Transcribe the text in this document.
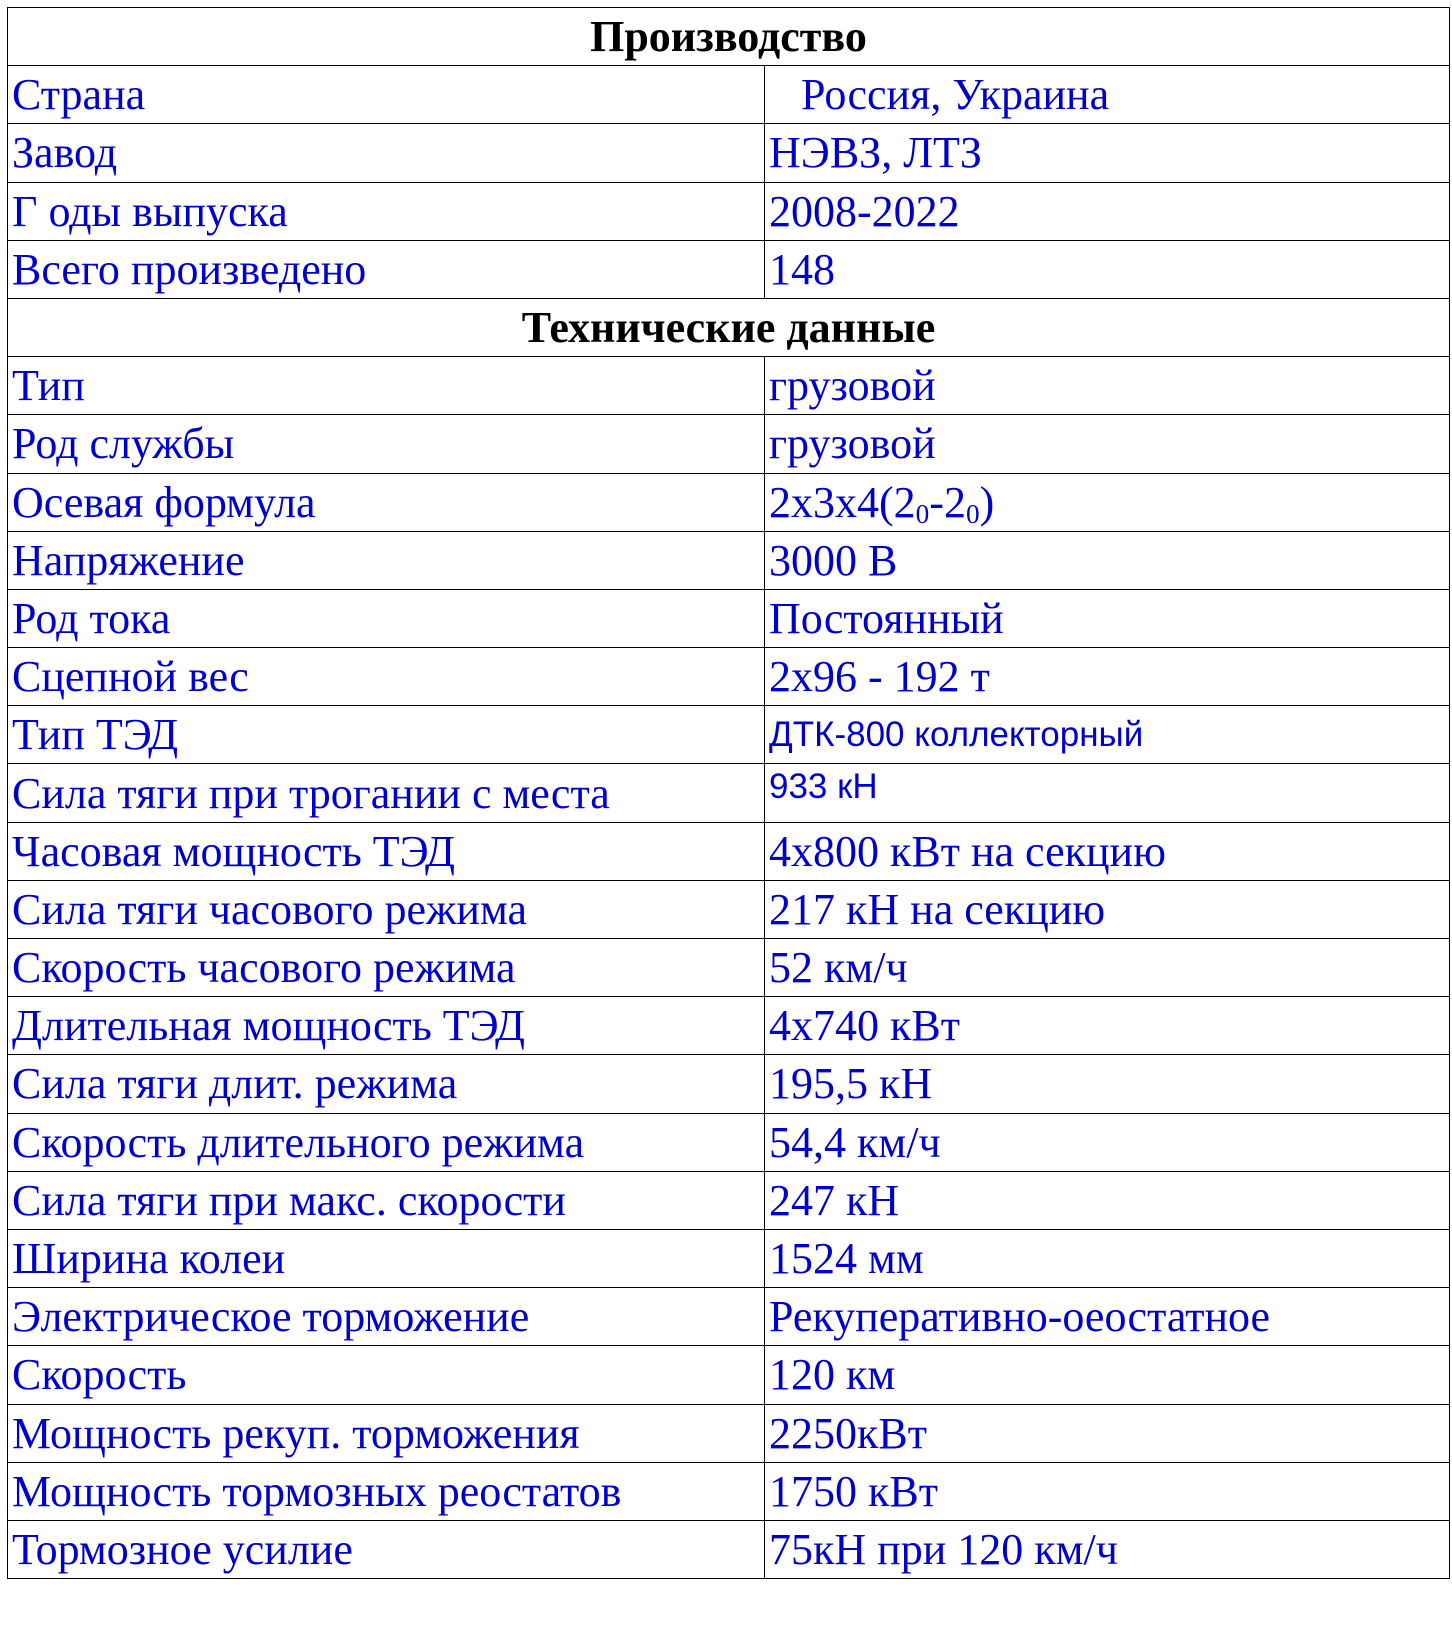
Производство	
Страна	Россия, Украина
Завод	НЭВЗ, ЛТЗ
Г оды выпуска	2008-2022
Всего произведено	148
Технические данные	
Тип	грузовой
Род службы	грузовой
Осевая формула	$2х3х4(2_0-2_0)$
Напряжение	3000 В
Род тока	Постоянный
Сцепной вес	2х96 - 192 т
Тип ТЭД	ДТК-800 коллекторный
Сила тяги при трогании с места	933 кН
Часовая мощность ТЭД	4х800 кВт на секцию
Сила тяги часового режима	217 кН на секцию
Скорость часового режима	52 км/ч
Длительная мощность ТЭД	4х740 кВт
Сила тяги длит. режима	195,5 кН
Скорость длительного режима	54,4 км/ч
Сила тяги при макс. скорости	247 кН
Ширина колеи	1524 мм
Электрическое торможение	Рекуперативно-оеостатное
Скорость	120 км
Мощность рекуп. торможения	2250кВт
Мощность тормозных реостатов	1750 кВт
Тормозное усилие	75кН при 120 км/ч
